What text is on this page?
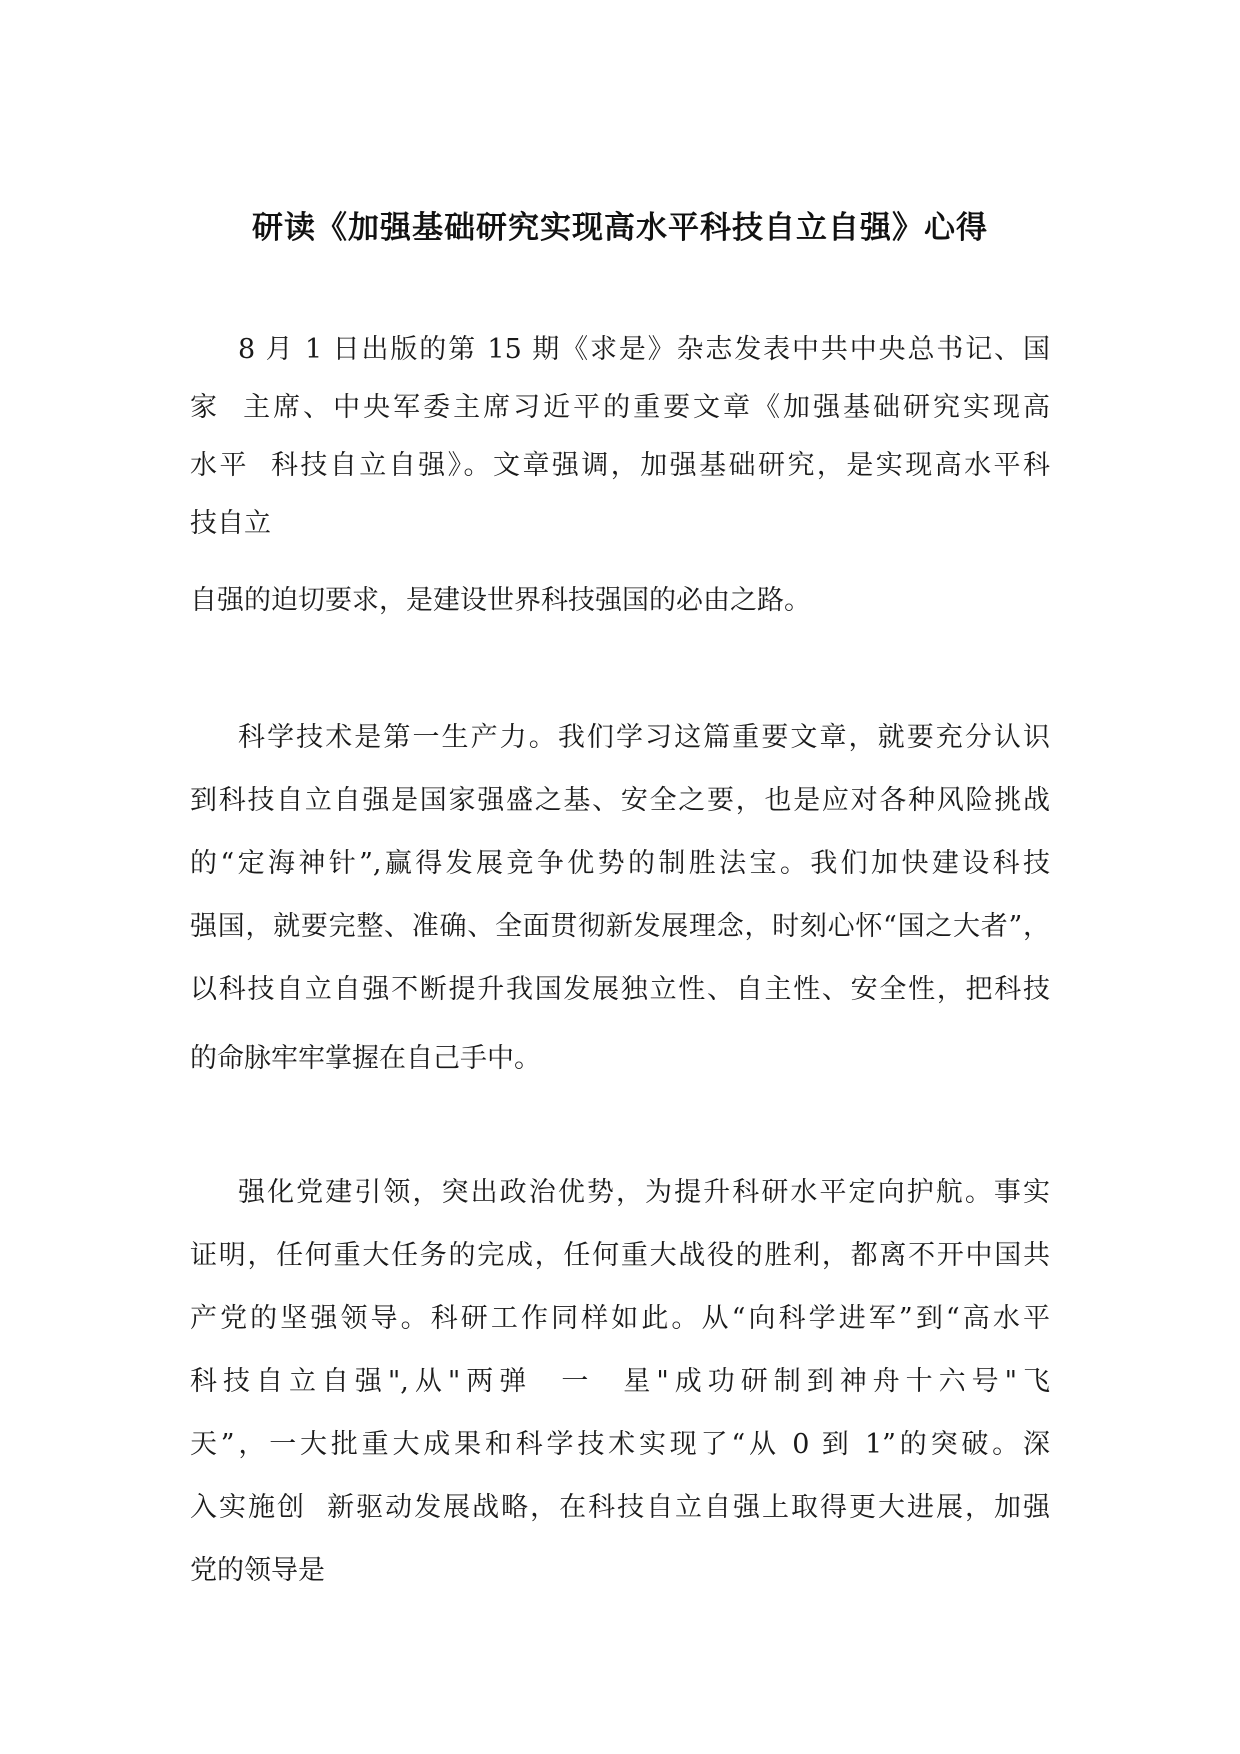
研读《加强基础研究实现高水平科技自立自强》心得
8 月 1 日出版的第 15 期《求是》杂志发表中共中央总书记、国
家  主席、中央军委主席习近平的重要文章《加强基础研究实现高
水平  科技自立自强》。文章强调，加强基础研究，是实现高水平科
技自立
自强的迫切要求，是建设世界科技强国的必由之路。
科学技术是第一生产力。我们学习这篇重要文章，就要充分认识
到科技自立自强是国家强盛之基、安全之要，也是应对各种风险挑战
的“定海神针”,赢得发展竞争优势的制胜法宝。我们加快建设科技
强国，就要完整、准确、全面贯彻新发展理念，时刻心怀“国之大者”，
以科技自立自强不断提升我国发展独立性、自主性、安全性，把科技
的命脉牢牢掌握在自己手中。
强化党建引领，突出政治优势，为提升科研水平定向护航。事实
证明，任何重大任务的完成，任何重大战役的胜利，都离不开中国共
产党的坚强领导。科研工作同样如此。从“向科学进军”到“高水平
科技自立自强",从"两弹  一  星"成功研制到神舟十六号"飞
天”，一大批重大成果和科学技术实现了“从 0 到 1”的突破。深
入实施创  新驱动发展战略，在科技自立自强上取得更大进展，加强
党的领导是
